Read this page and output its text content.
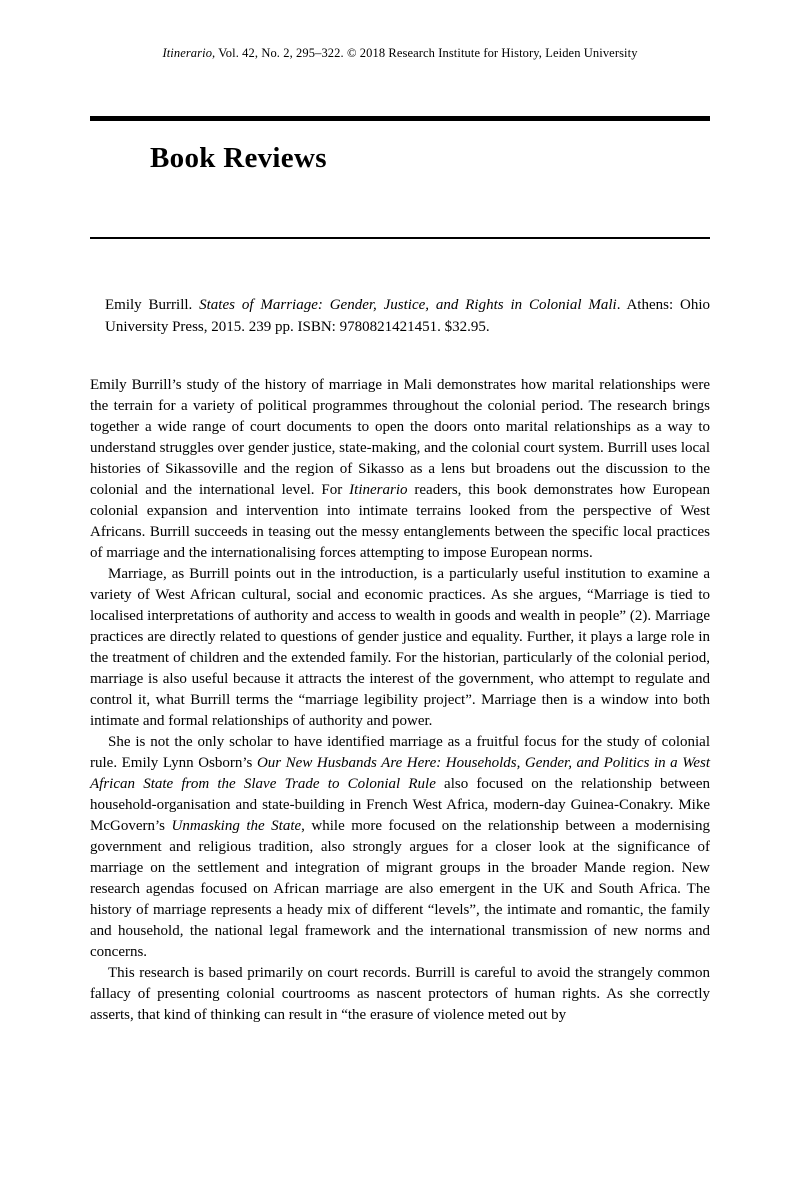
Itinerario, Vol. 42, No. 2, 295–322. © 2018 Research Institute for History, Leiden University
Book Reviews
Emily Burrill. States of Marriage: Gender, Justice, and Rights in Colonial Mali. Athens: Ohio University Press, 2015. 239 pp. ISBN: 9780821421451. $32.95.

Emily Burrill’s study of the history of marriage in Mali demonstrates how marital relationships were the terrain for a variety of political programmes throughout the colonial period. The research brings together a wide range of court documents to open the doors onto marital relationships as a way to understand struggles over gender justice, state-making, and the colonial court system. Burrill uses local histories of Sikassoville and the region of Sikasso as a lens but broadens out the discussion to the colonial and the international level. For Itinerario readers, this book demonstrates how European colonial expansion and intervention into intimate terrains looked from the perspective of West Africans. Burrill succeeds in teasing out the messy entanglements between the specific local practices of marriage and the internationalising forces attempting to impose European norms.

Marriage, as Burrill points out in the introduction, is a particularly useful institution to examine a variety of West African cultural, social and economic practices. As she argues, “Marriage is tied to localised interpretations of authority and access to wealth in goods and wealth in people” (2). Marriage practices are directly related to questions of gender justice and equality. Further, it plays a large role in the treatment of children and the extended family. For the historian, particularly of the colonial period, marriage is also useful because it attracts the interest of the government, who attempt to regulate and control it, what Burrill terms the “marriage legibility project”. Marriage then is a window into both intimate and formal relationships of authority and power.

She is not the only scholar to have identified marriage as a fruitful focus for the study of colonial rule. Emily Lynn Osborn’s Our New Husbands Are Here: Households, Gender, and Politics in a West African State from the Slave Trade to Colonial Rule also focused on the relationship between household-organisation and state-building in French West Africa, modern-day Guinea-Conakry. Mike McGovern’s Unmasking the State, while more focused on the relationship between a modernising government and religious tradition, also strongly argues for a closer look at the significance of marriage on the settlement and integration of migrant groups in the broader Mande region. New research agendas focused on African marriage are also emergent in the UK and South Africa. The history of marriage represents a heady mix of different “levels”, the intimate and romantic, the family and household, the national legal framework and the international transmission of new norms and concerns.

This research is based primarily on court records. Burrill is careful to avoid the strangely common fallacy of presenting colonial courtrooms as nascent protectors of human rights. As she correctly asserts, that kind of thinking can result in “the erasure of violence meted out by
